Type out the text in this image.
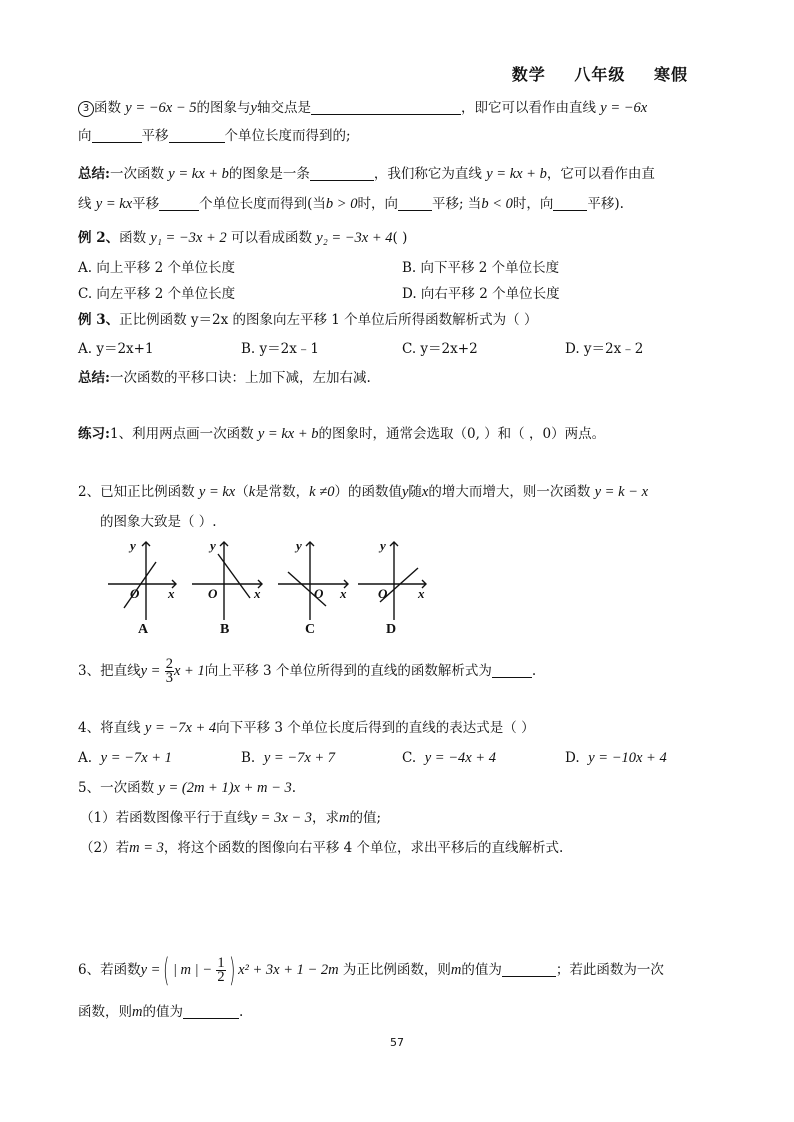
数学 八年级 寒假
3 函数 y = −6x − 5的图象与y轴交点是	，即它可以看作由直线 y = −6x
向	平移	个单位长度而得到的;
总结:一次函数 y = kx + b的图象是一条	，我们称它为直线 y = kx + b，它可以看作由直
线 y = kx平移	个单位长度而得到(当b > 0时，向	平移; 当b < 0时，向	平移).
例 2、函数 y₁ = −3x + 2 可以看成函数 y₂ = −3x + 4( )
A. 向上平移 2 个单位长度	B. 向下平移 2 个单位长度
C. 向左平移 2 个单位长度	D. 向右平移 2 个单位长度
例 3、正比例函数 y＝2x 的图象向左平移 1 个单位后所得函数解析式为（ ）
A. y＝2x+1	B. y＝2x﹣1	C. y＝2x+2	D. y＝2x﹣2
总结:一次函数的平移口诀：上加下减，左加右减.
练习:1、利用两点画一次函数 y = kx + b的图象时，通常会选取（0, ）和（ ，0）两点。
2、已知正比例函数 y = kx（k是常数，k ≠0）的函数值y随x的增大而增大，则一次函数 y = k − x
的图象大致是（ ）.
y
x
O
y
x
O
y
x
O
y
x
O
A	B	C	D
3、把直线$y = \frac{2}{3}$ x + 1向上平移 3 个单位所得到的直线的函数解析式为	.
4、将直线 y = −7x + 4向下平移 3 个单位长度后得到的直线的表达式是（ ）
A. y = −7x + 1	B. y = −7x + 7	C. y = −4x + 4	D. y = −10x + 4
5、一次函数 y = (2m + 1)x + m − 3.
（1）若函数图像平行于直线y = 3x − 3，求m的值;
（2）若m = 3，将这个函数的图像向右平移 4 个单位，求出平移后的直线解析式.
6、若函数y =( | m | − $\frac{1}{2}$ ) x² + 3x + 1 − 2m 为正比例函数，则m的值为	；若此函数为一次
函数，则m的值为	.
57
